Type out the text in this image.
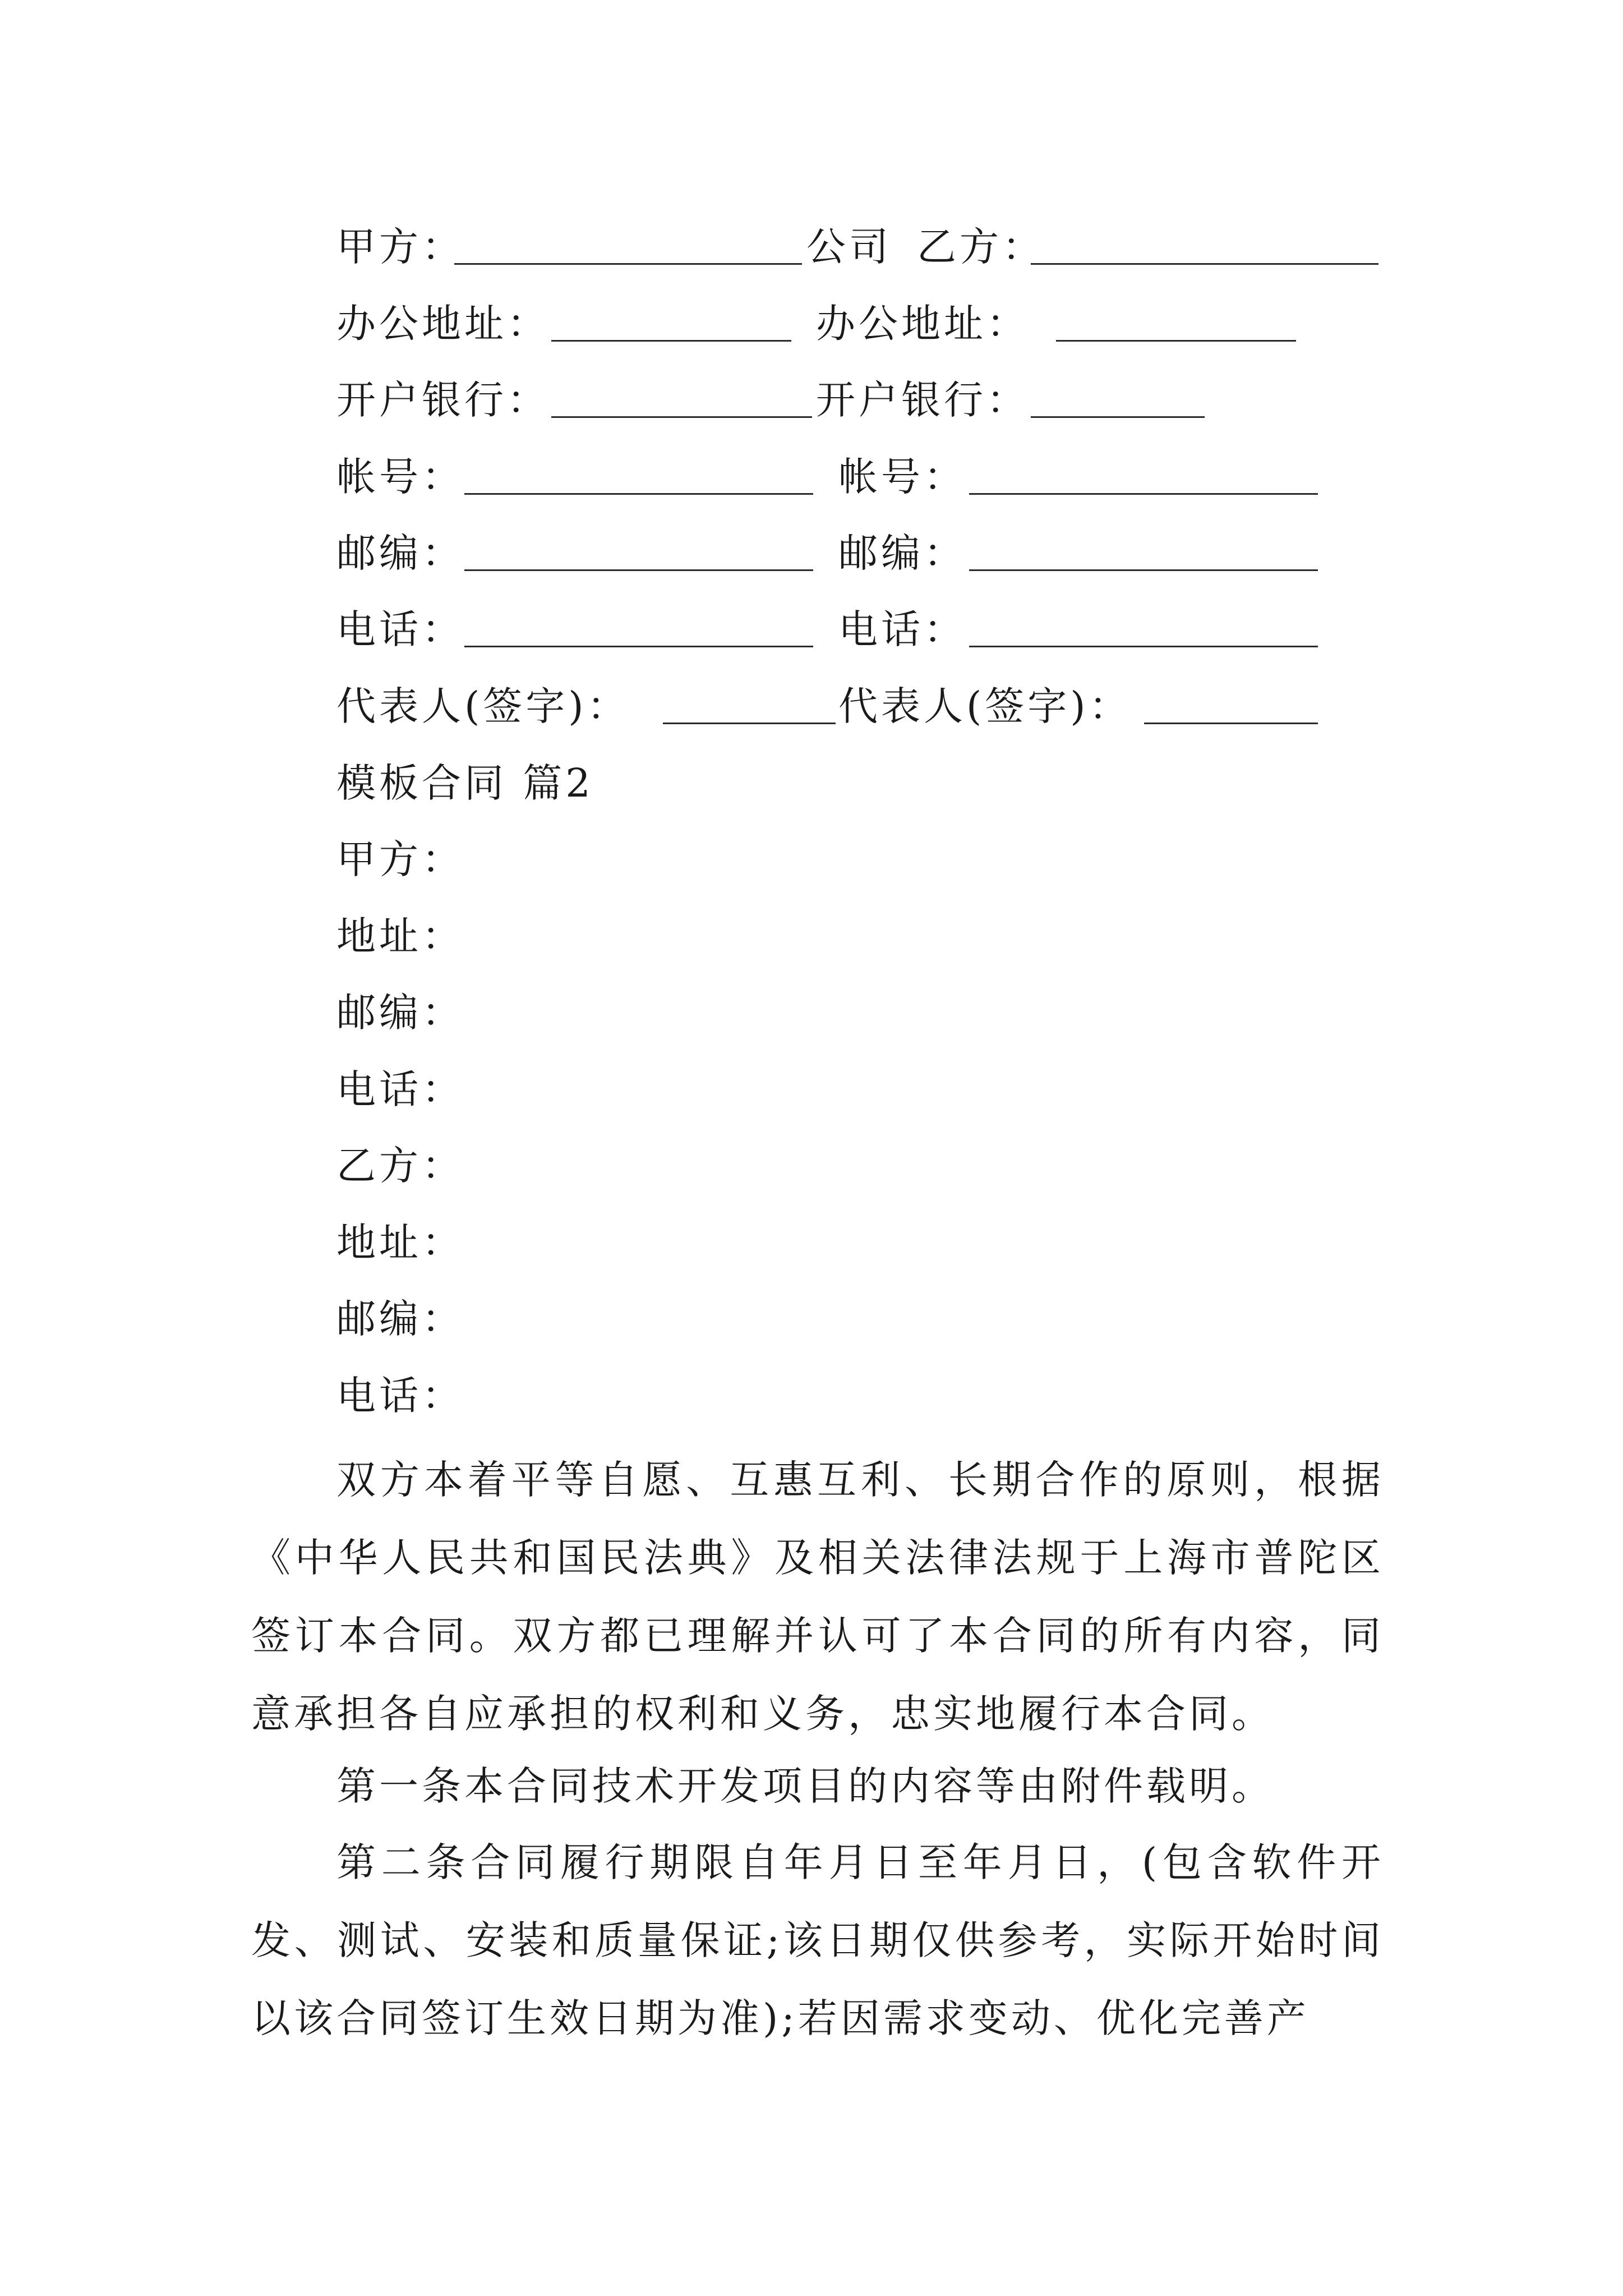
甲方：	公司 乙方：
办公地址：	办公地址：
开户银行：	开户银行：
帐号：	帐号：
邮编：	邮编：
电话：	电话：
代表人(签字)：	代表人(签字)：
模板合同 篇2
甲方：
地址：
邮编：
电话：
乙方：
地址：
邮编：
电话：

双方本着平等自愿、互惠互利、长期合作的原则，根据《中华人民共和国民法典》及相关法律法规于上海市普陀区签订本合同。双方都已理解并认可了本合同的所有内容，同意承担各自应承担的权利和义务，忠实地履行本合同。

第一条本合同技术开发项目的内容等由附件载明。

第二条合同履行期限自年月日至年月日，(包含软件开发、测试、安装和质量保证;该日期仅供参考，实际开始时间以该合同签订生效日期为准);若因需求变动、优化完善产
